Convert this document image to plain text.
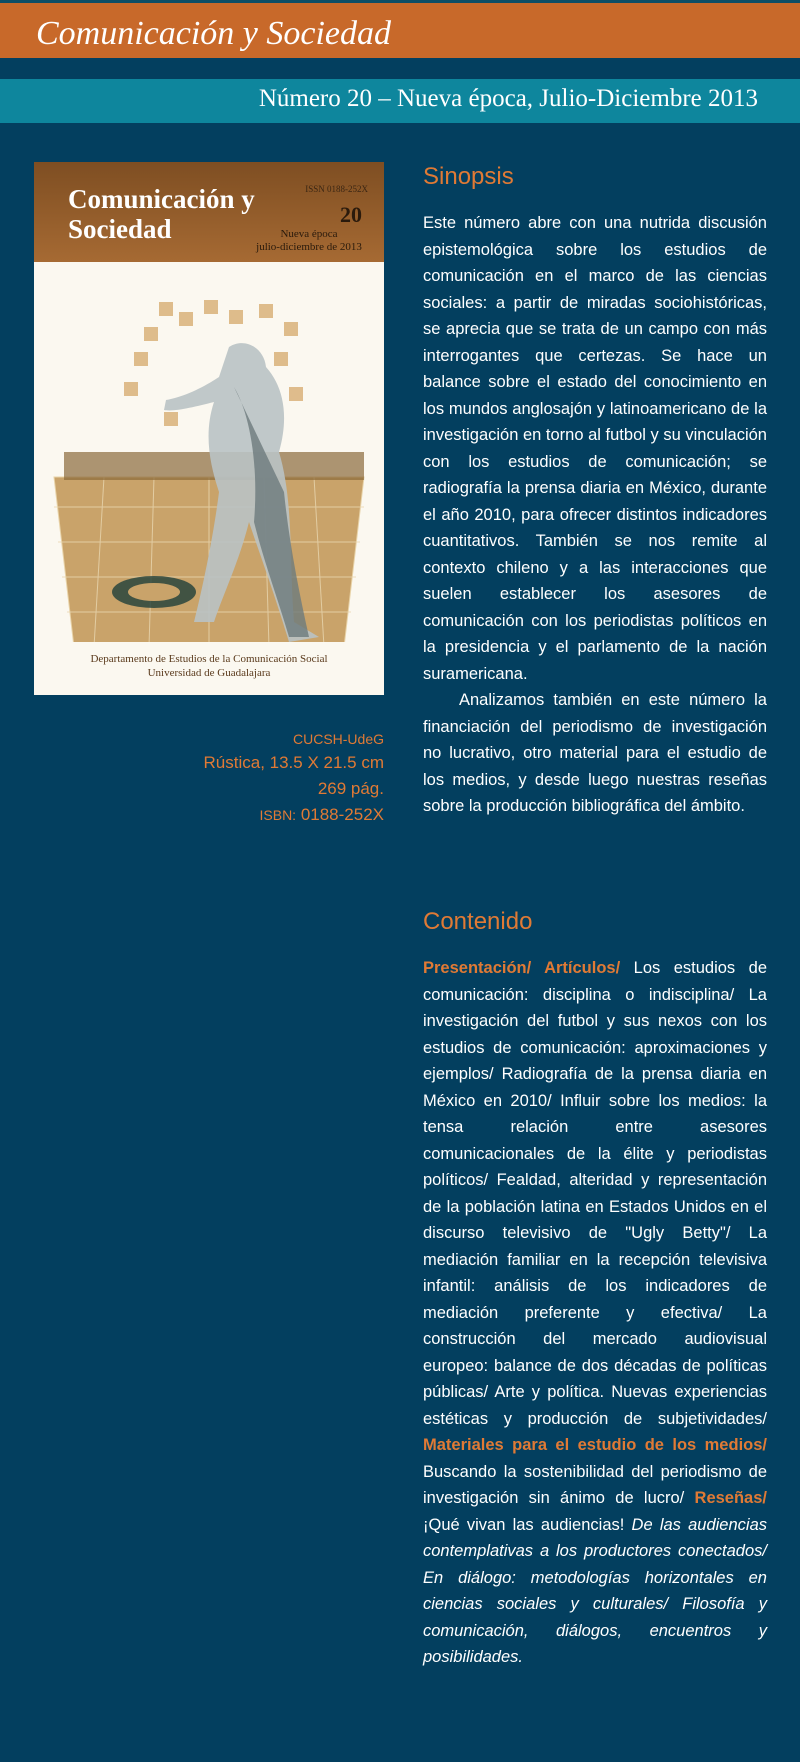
Comunicación y Sociedad
Número 20 – Nueva época, Julio-Diciembre 2013
Comunicación y Sociedad
ISSN 0188-252X
20
Nueva época
julio-diciembre de 2013
Departamento de Estudios de la Comunicación Social
Universidad de Guadalajara
CUCSH-UdeG
Rústica, 13.5 X 21.5 cm
269 pág.
ISBN: 0188-252X
Sinopsis

Este número abre con una nutrida discusión epistemológica sobre los estudios de comunicación en el marco de las ciencias sociales: a partir de miradas sociohistóricas, se aprecia que se trata de un campo con más interrogantes que certezas. Se hace un balance sobre el estado del conocimiento en los mundos anglosajón y latinoamericano de la investigación en torno al futbol y su vinculación con los estudios de comunicación; se radiografía la prensa diaria en México, durante el año 2010, para ofrecer distintos indicadores cuantitativos. También se nos remite al contexto chileno y a las interacciones que suelen establecer los asesores de comunicación con los periodistas políticos en la presidencia y el parlamento de la nación suramericana.

Analizamos también en este número la financiación del periodismo de investigación no lucrativo, otro material para el estudio de los medios, y desde luego nuestras reseñas sobre la producción bibliográfica del ámbito.

Contenido

Presentación/ Artículos/ Los estudios de comunicación: disciplina o indisciplina/ La investigación del futbol y sus nexos con los estudios de comunicación: aproximaciones y ejemplos/ Radiografía de la prensa diaria en México en 2010/ Influir sobre los medios: la tensa relación entre asesores comunicacionales de la élite y periodistas políticos/ Fealdad, alteridad y representación de la población latina en Estados Unidos en el discurso televisivo de "Ugly Betty"/ La mediación familiar en la recepción televisiva infantil: análisis de los indicadores de mediación preferente y efectiva/ La construcción del mercado audiovisual europeo: balance de dos décadas de políticas públicas/ Arte y política. Nuevas experiencias estéticas y producción de subjetividades/ Materiales para el estudio de los medios/ Buscando la sostenibilidad del periodismo de investigación sin ánimo de lucro/ Reseñas/ ¡Qué vivan las audiencias! De las audiencias contemplativas a los productores conectados/ En diálogo: metodologías horizontales en ciencias sociales y culturales/ Filosofía y comunicación, diálogos, encuentros y posibilidades.
